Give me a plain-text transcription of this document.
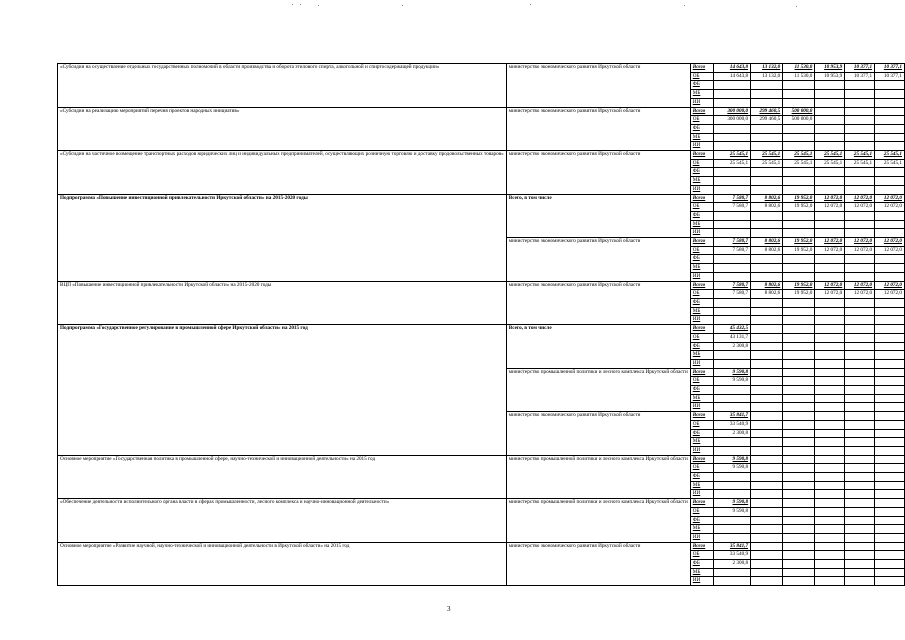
«Субсидии на осуществление отдельных государственных полномочий в области производства и оборота этилового спирта, алкогольной и спиртосодержащей продукции»	министерство экономического развития Иркутской области	Всего	14 643,8	13 132,0	11 530,0	10 953,9	10 377,1	10 377,1
		ОБ	14 643,8	13 132,0	11 530,0	10 953,9	10 377,1	10 377,1
		ФБ						
		МБ						
		ИИ						
«Субсидии на реализацию мероприятий перечня проектов народных инициатив»	министерство экономического развития Иркутской области	Всего	300 000,0	299 460,5	500 000,0			
		ОБ	300 000,0	299 460,5	500 000,0			
		ФБ						
		МБ						
		ИИ						
«Субсидии на частичное возмещение транспортных расходов юридических лиц и индивидуальных предпринимателей, осуществляющих розничную торговлю и доставку продовольственных товаров»	министерство экономического развития Иркутской области	Всего	25 545,1	25 545,1	25 545,1	25 545,1	25 545,1	25 545,1
		ОБ	25 545,1	25 545,1	25 545,1	25 545,1	25 545,1	25 545,1
		ФБ						
		МБ						
		ИИ						
Подпрограмма «Повышение инвестиционной привлекательности Иркутской области» на 2015-2020 годы	Всего, в том числе	Всего	7 580,7	8 802,6	19 952,0	12 072,0	12 072,0	12 072,0
		ОБ	7 580,7	8 802,6	19 952,0	12 072,0	12 072,0	12 072,0
		ФБ						
		МБ						
		ИИ						
	министерство экономического развития Иркутской области	Всего	7 580,7	8 802,6	19 952,0	12 072,0	12 072,0	12 072,0
		ОБ	7 580,7	8 802,6	19 952,0	12 072,0	12 072,0	12 072,0
		ФБ						
		МБ						
		ИИ						
ВЦП «Повышение инвестиционной привлекательности Иркутской области» на 2015-2020 годы	министерство экономического развития Иркутской области	Всего	7 580,7	8 802,6	19 952,0	12 072,0	12 072,0	12 072,0
		ОБ	7 580,7	8 802,6	19 952,0	12 072,0	12 072,0	12 072,0
		ФБ						
		МБ						
		ИИ						
Подпрограмма «Государственное регулирование в промышленной сфере Иркутской области» на 2015 год	Всего, в том числе	Всего	45 432,5					
		ОБ	43 131,7					
		ФБ	2 300,8					
		МБ						
		ИИ						
	министерство промышленной политики и лесного комплекса Иркутской области	Всего	9 590,8					
		ОБ	9 590,8					
		ФБ						
		МБ						
		ИИ						
	министерство экономического развития Иркутской области	Всего	35 841,7					
		ОБ	33 540,9					
		ФБ	2 300,8					
		МБ						
		ИИ						
Основное мероприятие «Государственная политика в промышленной сфере, научно-технической и инновационной деятельности» на 2015 год	министерство промышленной политики и лесного комплекса Иркутской области	Всего	9 590,8					
		ОБ	9 590,8					
		ФБ						
		МБ						
		ИИ						
«Обеспечение деятельности исполнительного органа власти в сферах промышленности, лесного комплекса и научно-инновационной деятельности»	министерство промышленной политики и лесного комплекса Иркутской области	Всего	9 590,8					
		ОБ	9 590,8					
		ФБ						
		МБ						
		ИИ						
Основное мероприятие «Развитие научной, научно-технической и инновационной деятельности в Иркутской области» на 2015 год	министерство экономического развития Иркутской области	Всего	35 841,7					
		ОБ	33 540,9					
		ФБ	2 300,8					
		МБ						
		ИИ						
3
